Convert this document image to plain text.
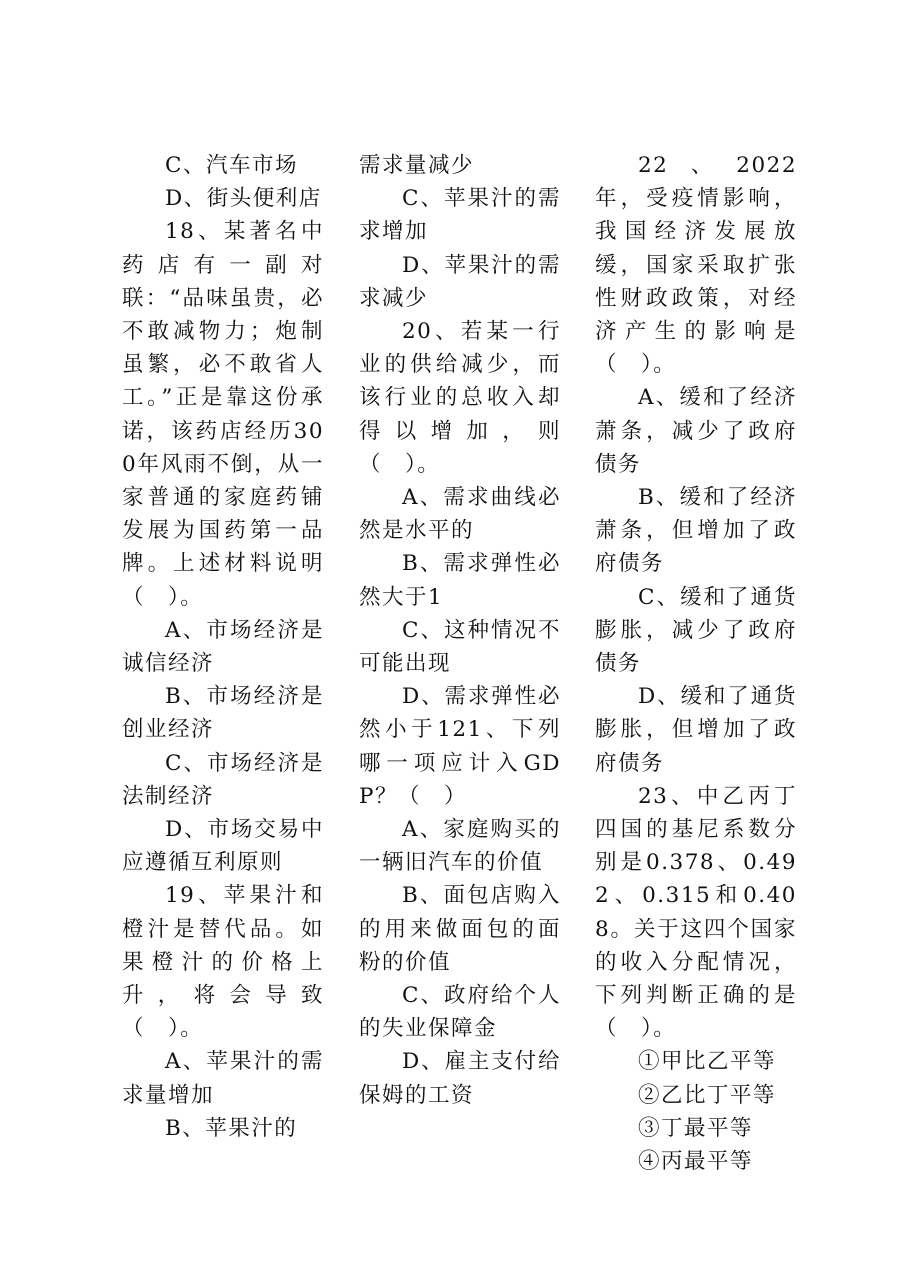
C、汽车市场

D、街头便利店

18、某著名中药店有一副对联：“品味虽贵，必不敢减物力；炮制虽繁，必不敢省人工。”正是靠这份承诺，该药店经历300年风雨不倒，从一家普通的家庭药铺发展为国药第一品牌。上述材料说明（　）。

A、市场经济是诚信经济

B、市场经济是创业经济

C、市场经济是法制经济

D、市场交易中应遵循互利原则

19、苹果汁和橙汁是替代品。如果橙汁的价格上升，将会导致（　）。

A、苹果汁的需求量增加

B、苹果汁的

需求量减少

C、苹果汁的需求增加

D、苹果汁的需求减少

20、若某一行业的供给减少，而该行业的总收入却得以增加，则（　）。

A、需求曲线必然是水平的

B、需求弹性必然大于1

C、这种情况不可能出现

D、需求弹性必然小于121、下列哪一项应计入GDP？（　）

A、家庭购买的一辆旧汽车的价值

B、面包店购入的用来做面包的面粉的价值

C、政府给个人的失业保障金

D、雇主支付给保姆的工资

22、2022年，受疫情影响，我国经济发展放缓，国家采取扩张性财政政策，对经济产生的影响是（　）。

A、缓和了经济萧条，减少了政府债务

B、缓和了经济萧条，但增加了政府债务

C、缓和了通货膨胀，减少了政府债务

D、缓和了通货膨胀，但增加了政府债务

23、中乙丙丁四国的基尼系数分别是0.378、0.492、0.315和0.408。关于这四个国家的收入分配情况，下列判断正确的是（　）。

①甲比乙平等

②乙比丁平等

③丁最平等

④丙最平等
